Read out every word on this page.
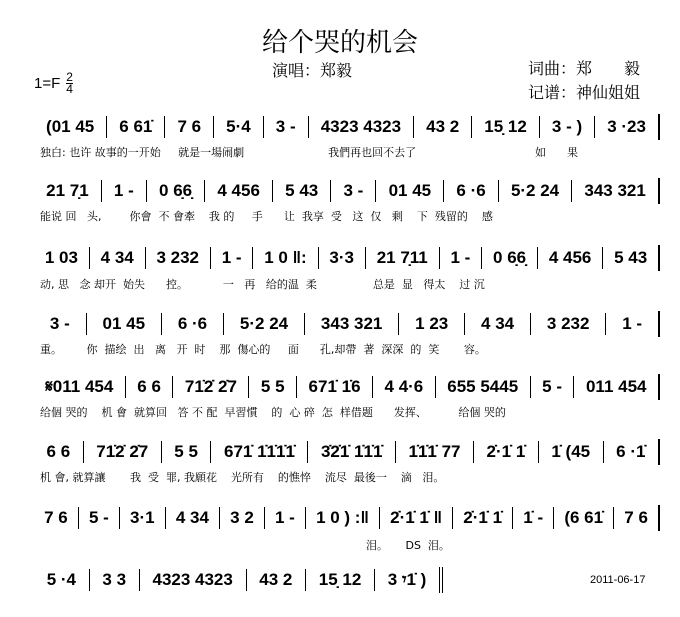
给个哭的机会
演唱：郑毅
$1=F \frac{2}{4}$
词曲：郑　　毅
记谱：神仙姐姐
(01 45	6 61̇	7 6	5·4	3 -	4323 4323	43 2	15̣ 12	3 - )	3 ·23
独白: 也许 故事的一开始     就是一場闹劇                        我們再也回不去了                                  如      果
21 7̣1	1 -	0 6̣6̣	4 456	5 43	3 -	01 45	6 ·6	5·2 24	343 321
能说 回   头,        你會  不 會牽    我 的     手      让  我享  受   这  仅   剩    下  残留的    感
1 03	4 34	3 232	1 -	1 0 ‖:	3·3	21 7̣11	1 -	0 6̣6̣	4 456	5 43
动, 思   念 却开  始失      控。          一   再   给的温  柔                总是  显   得太    过 沉
3 -	01 45	6 ·6	5·2 24	343 321	1 23	4 34	3 232	1 -
重。       你  描绘  出   离   开  时    那  傷心的     面      孔,却帶  著  深深  的  笑       容。
𝄋011 454	6 6	71̇2̇ 2̇7	5 5	671̇ 1̇6	4 4·6	655 5445	5 -	011 454
给個 哭的    机 會  就算回   答 不 配  早習慣    的  心 碎  怎  样借题      发挥、         给個 哭的
6 6	71̇2̇ 2̇7	5 5	671̇ 1̇1̇1̇1̇	3̇2̇1̇ 1̇1̇1̇	1̇1̇1̇ 77	2̇·1̇ 1̇	1̇ (45	6 ·1̇
机 會, 就算讓       我  受  罪, 我願花    光所有    的憔悴    流尽  最後一    滴   泪。
7 6	5 -	3·1	4 34	3 2	1 -	1 0 ) :‖	2̇·1̇ 1̇ ‖	2̇·1̇ 1̇	1̇ -	(6 61̇	7 6
泪。     DS  泪。
5 ·4	3 3	4323 4323	43 2	15̣ 12	3 𝄾1̇ )	2011-06-17
